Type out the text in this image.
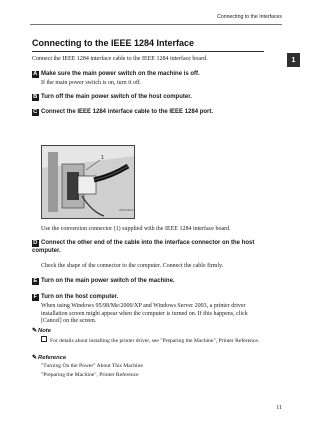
Connecting to the Interfaces
1
Connecting to the IEEE 1284 Interface
Connect the IEEE 1284 interface cable to the IEEE 1284 interface board.
A Make sure the main power switch on the machine is off.
If the main power switch is on, turn it off.
B Turn off the main power switch of the host computer.
C Connect the IEEE 1284 interface cable to the IEEE 1284 port.
1
ANIGN016
Use the conversion connector (1) supplied with the IEEE 1284 interface board.
D Connect the other end of the cable into the interface connector on the host computer.
Check the shape of the connector to the computer. Connect the cable firmly.
E Turn on the main power switch of the machine.
F Turn on the host computer.
When using Windows 95/98/Me/2000/XP and Windows Server 2003, a printer driver installation screen might appear when the computer is turned on. If this happens, click [Cancel] on the screen.
✎Note
For details about installing the printer driver, see "Preparing the Machine", Printer Reference.
✎Reference
"Turning On the Power" About This Machine
"Preparing the Machine", Printer Reference
11
